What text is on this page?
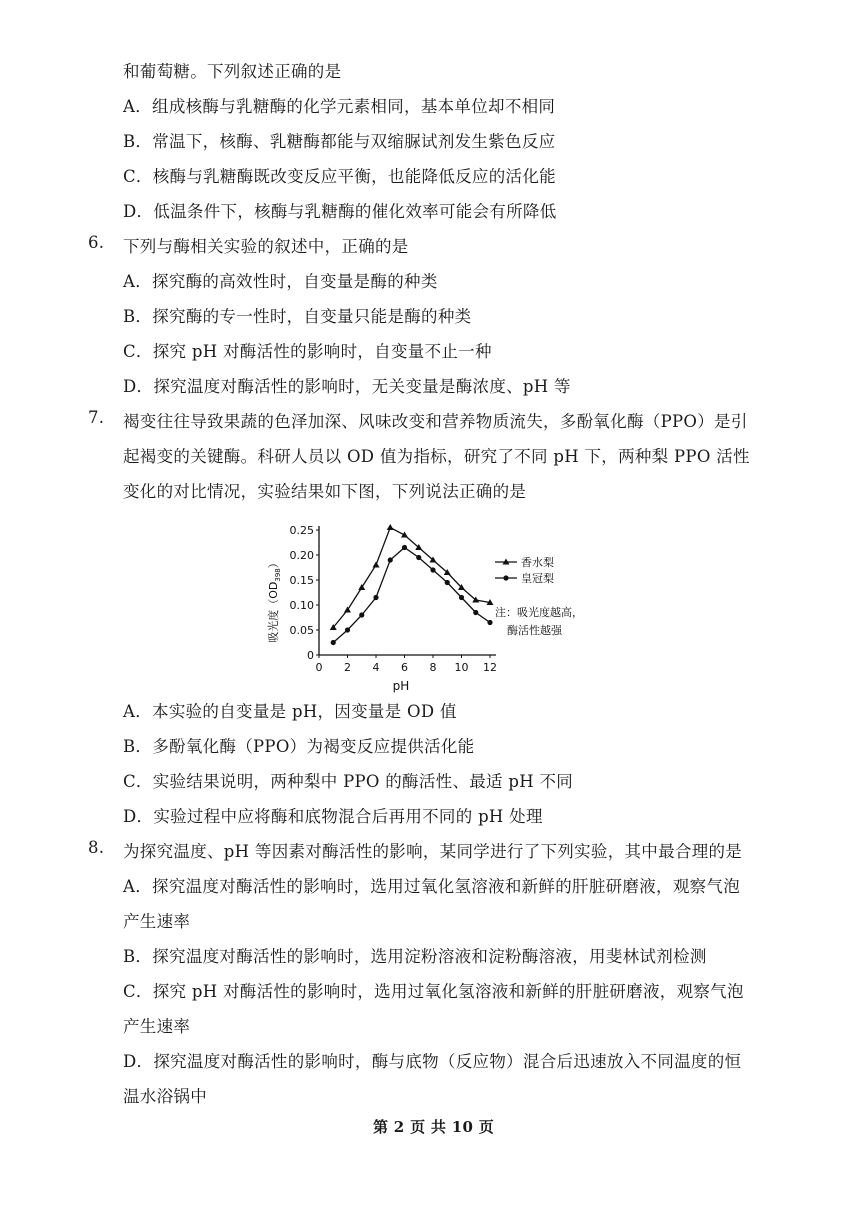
和葡萄糖。下列叙述正确的是
A．组成核酶与乳糖酶的化学元素相同，基本单位却不相同
B．常温下，核酶、乳糖酶都能与双缩脲试剂发生紫色反应
C．核酶与乳糖酶既改变反应平衡，也能降低反应的活化能
D．低温条件下，核酶与乳糖酶的催化效率可能会有所降低
6. 下列与酶相关实验的叙述中，正确的是
A．探究酶的高效性时，自变量是酶的种类
B．探究酶的专一性时，自变量只能是酶的种类
C．探究 pH 对酶活性的影响时，自变量不止一种
D．探究温度对酶活性的影响时，无关变量是酶浓度、pH 等
7. 褐变往往导致果蔬的色泽加深、风味改变和营养物质流失，多酚氧化酶（PPO）是引
起褐变的关键酶。科研人员以 OD 值为指标，研究了不同 pH 下，两种梨 PPO 活性
变化的对比情况，实验结果如下图，下列说法正确的是
吸光度$(OD_{398})$
0
0.05
0.10
0.15
0.20
0.25
0 2 4 6 8 10 12
香水梨
皇冠梨
pH
注：吸光度越高，
酶活性越强
A．本实验的自变量是 pH，因变量是 OD 值
B．多酚氧化酶（PPO）为褐变反应提供活化能
C．实验结果说明，两种梨中 PPO 的酶活性、最适 pH 不同
D．实验过程中应将酶和底物混合后再用不同的 pH 处理
8. 为探究温度、pH 等因素对酶活性的影响，某同学进行了下列实验，其中最合理的是
A．探究温度对酶活性的影响时，选用过氧化氢溶液和新鲜的肝脏研磨液，观察气泡
产生速率
B．探究温度对酶活性的影响时，选用淀粉溶液和淀粉酶溶液，用斐林试剂检测
C．探究 pH 对酶活性的影响时，选用过氧化氢溶液和新鲜的肝脏研磨液，观察气泡
产生速率
D．探究温度对酶活性的影响时，酶与底物（反应物）混合后迅速放入不同温度的恒
温水浴锅中
第 2 页 共 10 页
